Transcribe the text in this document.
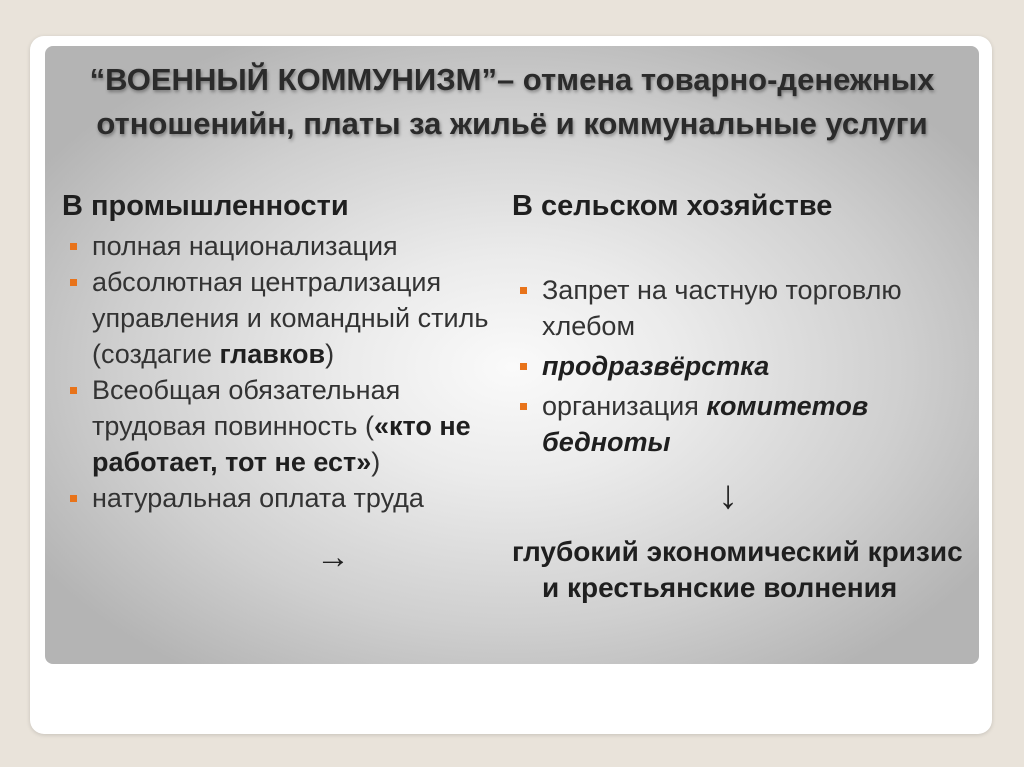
“ВОЕННЫЙ КОММУНИЗМ”– отмена товарно-денежных отношенийн, платы за жильё и коммунальные услуги
В промышленности
полная национализация
абсолютная централизация управления и командный стиль (создагие главков)
Всеобщая обязательная трудовая повинность («кто не работает, тот не ест»)
натуральная оплата труда
→
В сельском хозяйстве
Запрет на частную торговлю хлебом
продразвёрстка
организация комитетов бедноты
↓

глубокий экономический кризис и крестьянские волнения
